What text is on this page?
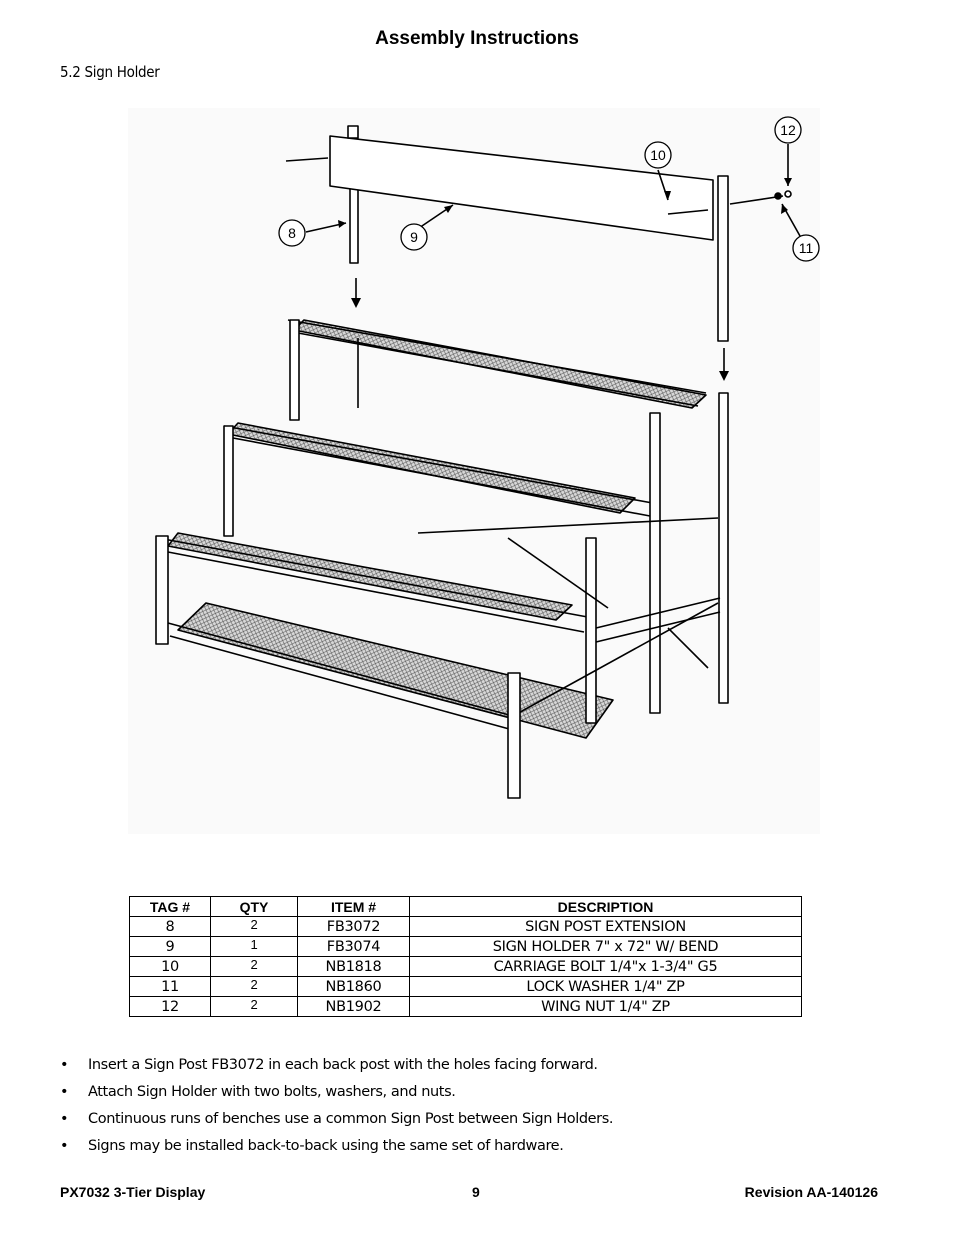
Assembly Instructions
5.2 Sign Holder
8	9
10
11
12
TAG #	QTY	ITEM #	DESCRIPTION
8	2	FB3072	SIGN POST EXTENSION
9	1	FB3074	SIGN HOLDER 7" x 72" W/ BEND
10	2	NB1818	CARRIAGE BOLT 1/4"x 1-3/4" G5
11	2	NB1860	LOCK WASHER 1/4" ZP
12	2	NB1902	WING NUT 1/4" ZP
• Insert a Sign Post FB3072 in each back post with the holes facing forward.
• Attach Sign Holder with two bolts, washers, and nuts.
• Continuous runs of benches use a common Sign Post between Sign Holders.
• Signs may be installed back-to-back using the same set of hardware.
PX7032 3-Tier Display	9	Revision AA-140126
